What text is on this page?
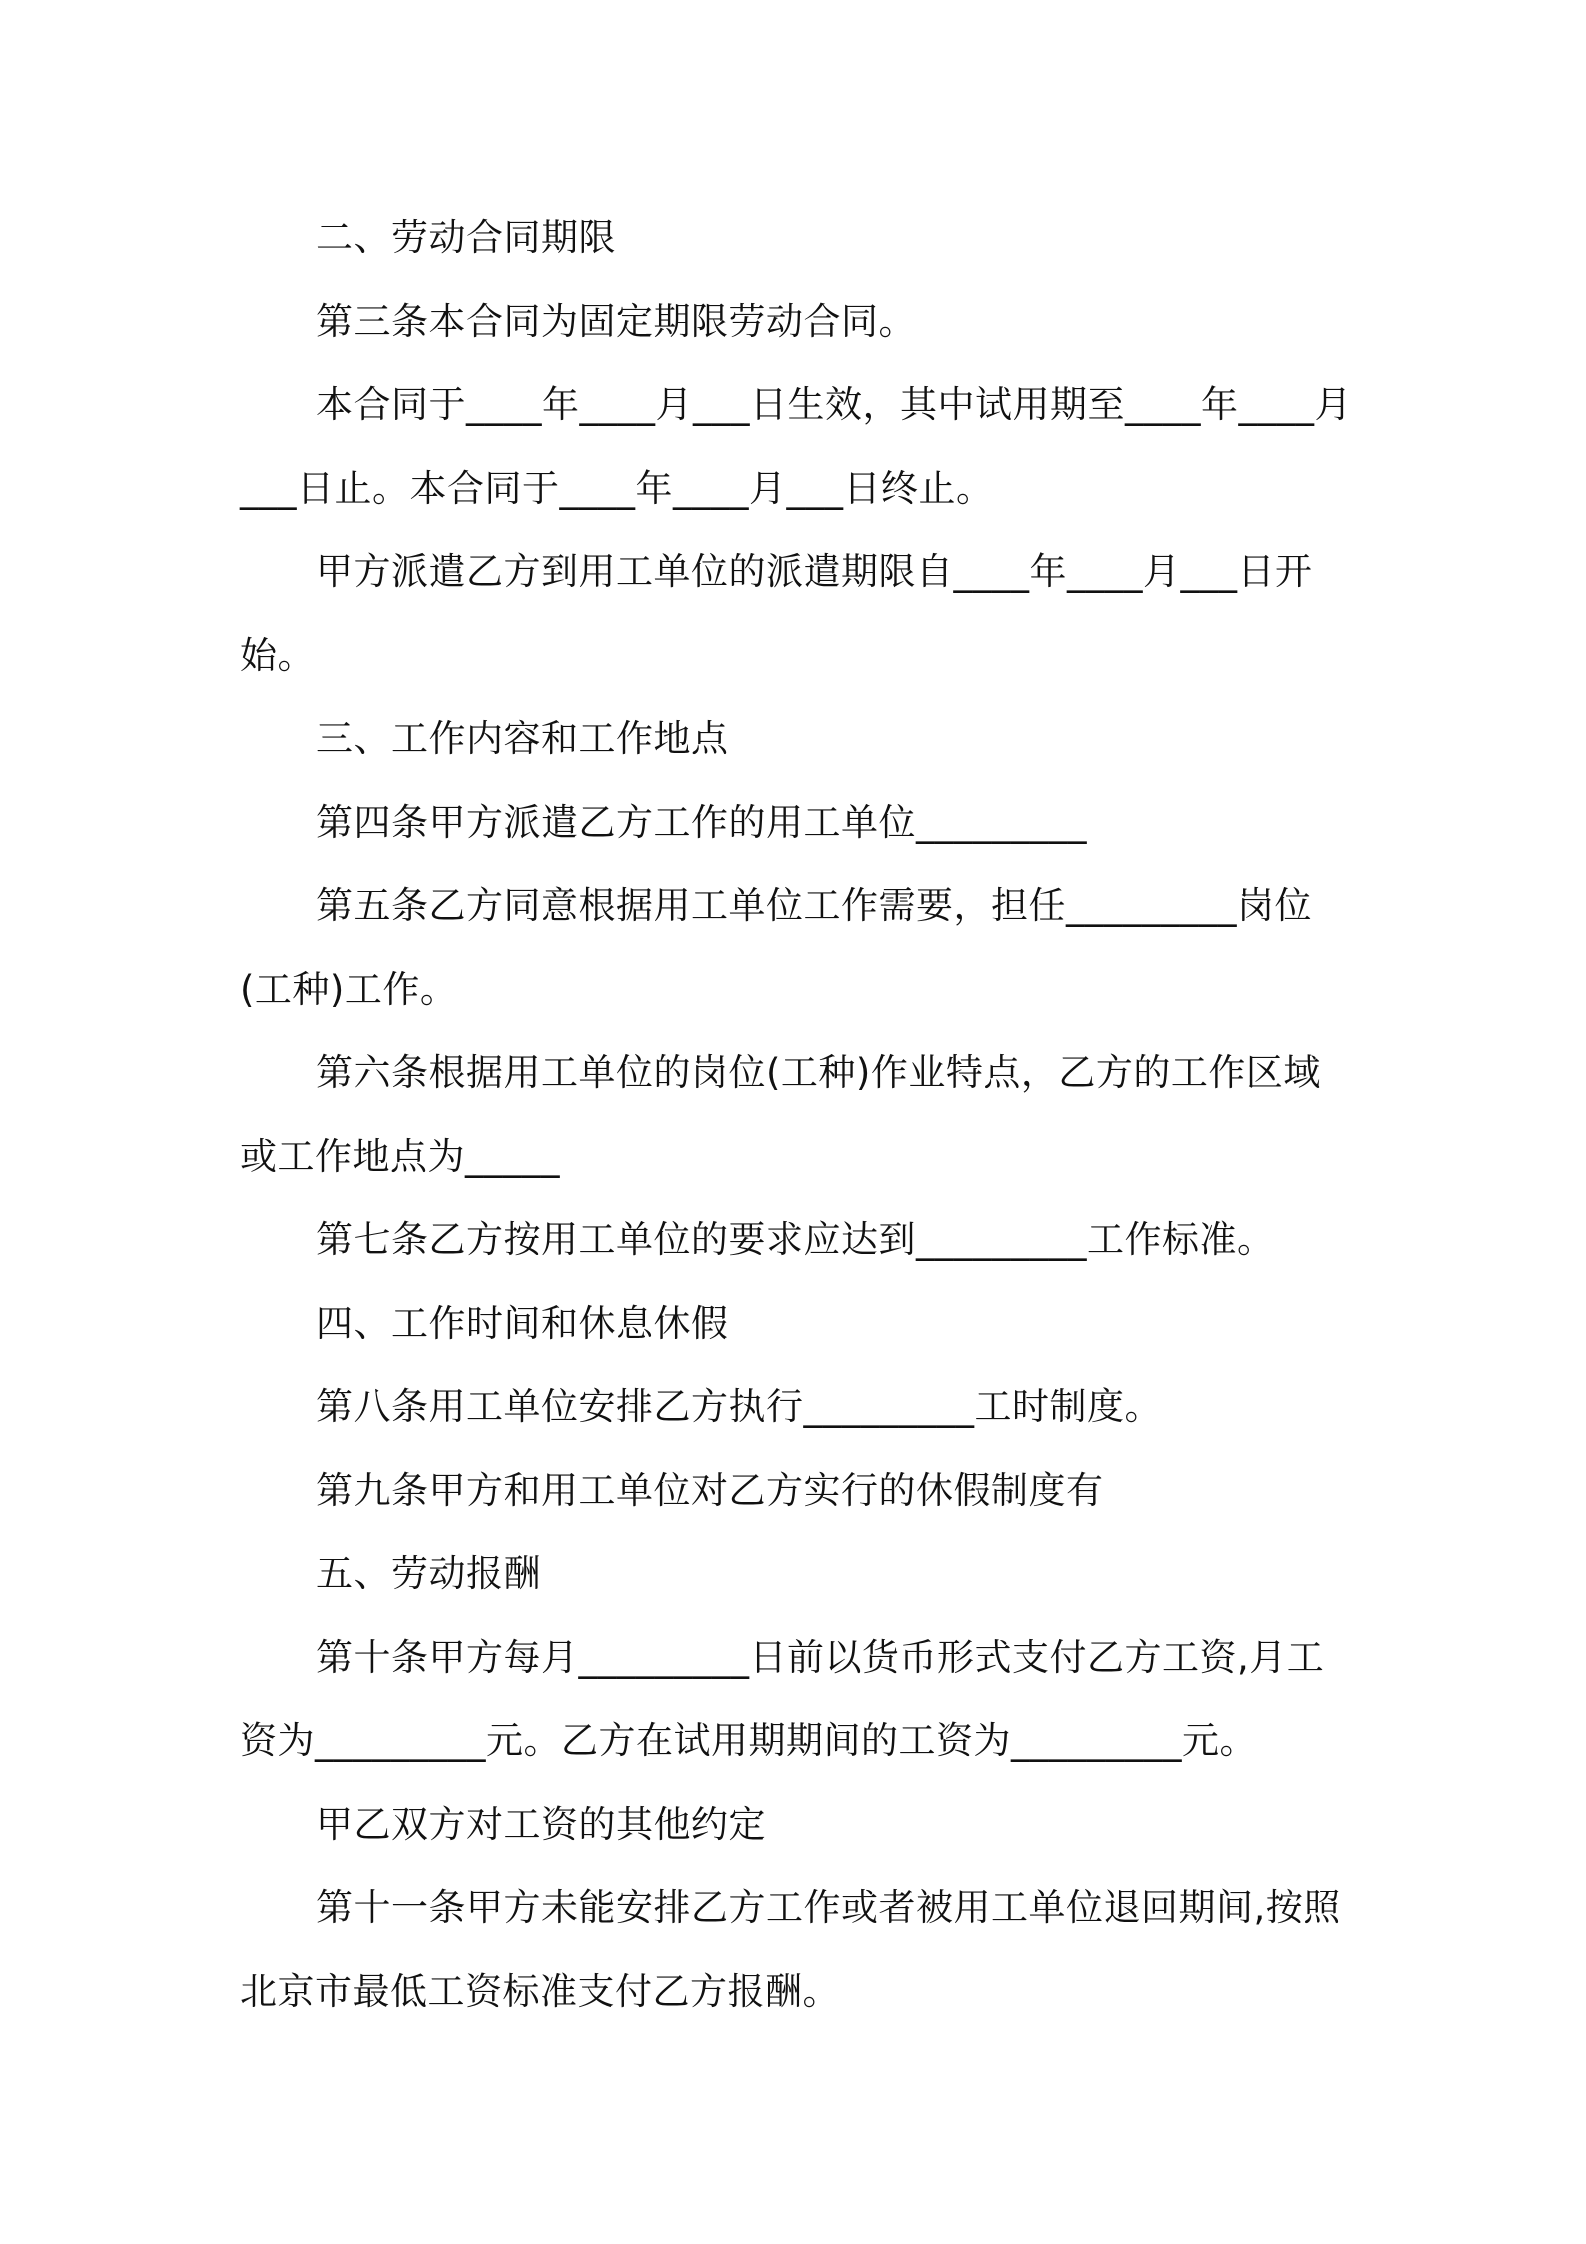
二、劳动合同期限

第三条本合同为固定期限劳动合同。

本合同于____年____月___日生效，其中试用期至____年____月___日止。本合同于____年____月___日终止。

甲方派遣乙方到用工单位的派遣期限自____年____月___日开始。

三、工作内容和工作地点

第四条甲方派遣乙方工作的用工单位_________

第五条乙方同意根据用工单位工作需要，担任_________岗位(工种)工作。

第六条根据用工单位的岗位(工种)作业特点，乙方的工作区域或工作地点为_____

第七条乙方按用工单位的要求应达到_________工作标准。

四、工作时间和休息休假

第八条用工单位安排乙方执行_________工时制度。

第九条甲方和用工单位对乙方实行的休假制度有

五、劳动报酬

第十条甲方每月_________日前以货币形式支付乙方工资,月工资为_________元。乙方在试用期期间的工资为_________元。

甲乙双方对工资的其他约定

第十一条甲方未能安排乙方工作或者被用工单位退回期间,按照北京市最低工资标准支付乙方报酬。
